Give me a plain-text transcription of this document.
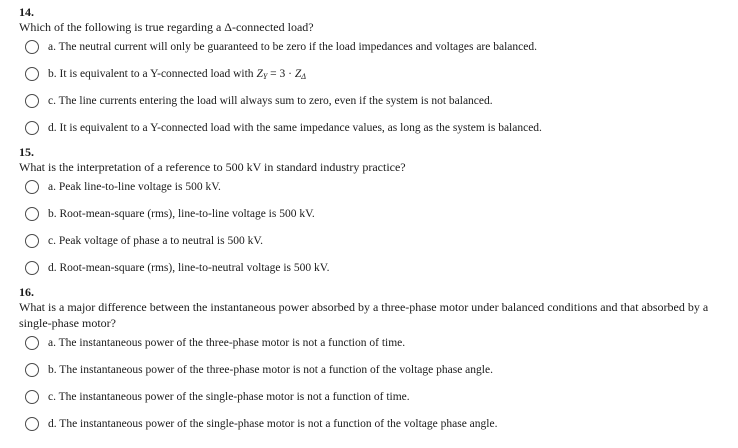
14.
Which of the following is true regarding a Δ-connected load?
a. The neutral current will only be guaranteed to be zero if the load impedances and voltages are balanced.
b. It is equivalent to a Y-connected load with $Z_Y = 3 \cdot Z_\Delta$
c. The line currents entering the load will always sum to zero, even if the system is not balanced.
d. It is equivalent to a Y-connected load with the same impedance values, as long as the system is balanced.
15.
What is the interpretation of a reference to 500 kV in standard industry practice?
a. Peak line-to-line voltage is 500 kV.
b. Root-mean-square (rms), line-to-line voltage is 500 kV.
c. Peak voltage of phase a to neutral is 500 kV.
d. Root-mean-square (rms), line-to-neutral voltage is 500 kV.
16.
What is a major difference between the instantaneous power absorbed by a three-phase motor under balanced conditions and that absorbed by a
single-phase motor?
a. The instantaneous power of the three-phase motor is not a function of time.
b. The instantaneous power of the three-phase motor is not a function of the voltage phase angle.
c. The instantaneous power of the single-phase motor is not a function of time.
d. The instantaneous power of the single-phase motor is not a function of the voltage phase angle.
